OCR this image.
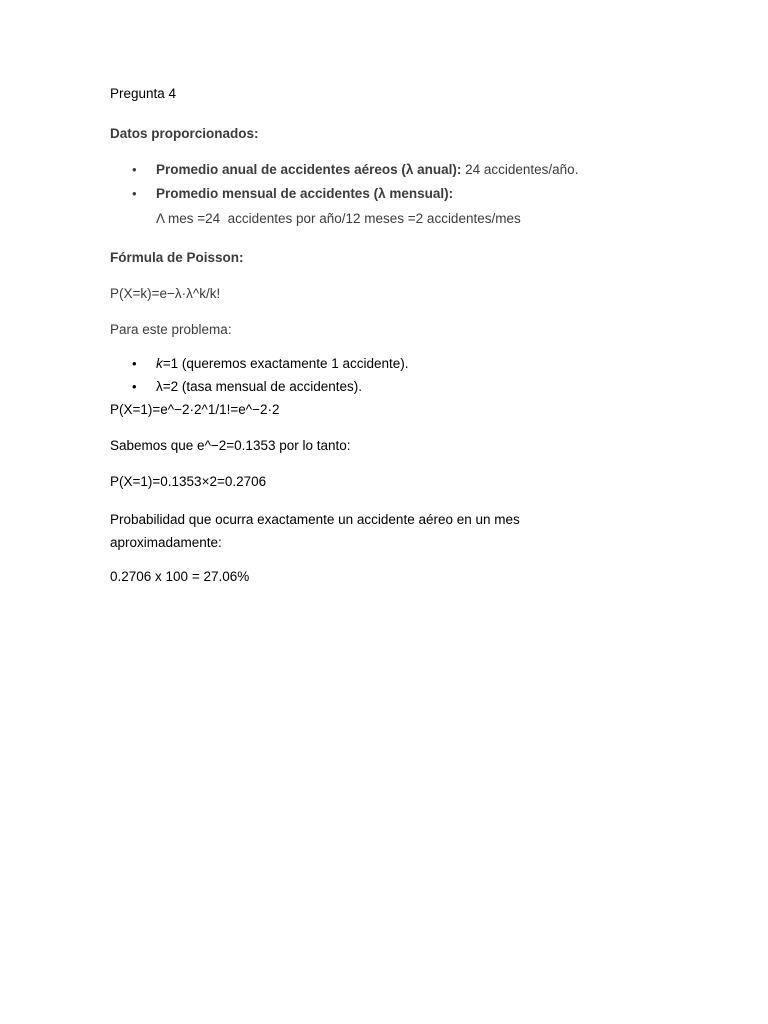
Pregunta 4

Datos proporcionados:

• Promedio anual de accidentes aéreos (λ anual): 24 accidentes/año.
• Promedio mensual de accidentes (λ mensual):

Λ mes =24  accidentes por año/12 meses =2 accidentes/mes

Fórmula de Poisson:

P(X=k)=e−λ·λ^k/k!

Para este problema:

• k=1 (queremos exactamente 1 accidente).
• λ=2 (tasa mensual de accidentes).

P(X=1)=e^−2·2^1/1!=e^−2·2

Sabemos que e^−2=0.1353 por lo tanto:

P(X=1)=0.1353×2=0.2706

Probabilidad que ocurra exactamente un accidente aéreo en un mes

aproximadamente:

0.2706 x 100 = 27.06%
